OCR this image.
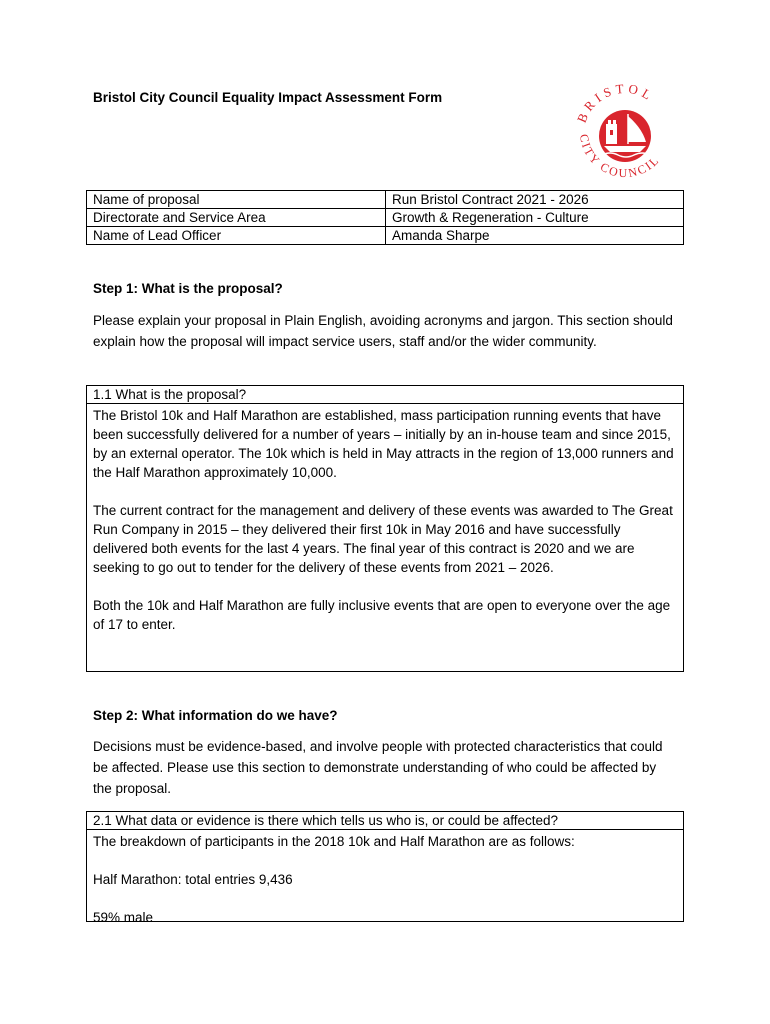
Bristol City Council Equality Impact Assessment Form
BRISTOL
CITY COUNCIL
Name of proposal	Run Bristol Contract 2021 - 2026
Directorate and Service Area	Growth & Regeneration - Culture
Name of Lead Officer	Amanda Sharpe
Step 1: What is the proposal?
Please explain your proposal in Plain English, avoiding acronyms and jargon. This section should explain how the proposal will impact service users, staff and/or the wider community.
1.1 What is the proposal?

The Bristol 10k and Half Marathon are established, mass participation running events that have been successfully delivered for a number of years – initially by an in-house team and since 2015, by an external operator. The 10k which is held in May attracts in the region of 13,000 runners and the Half Marathon approximately 10,000.

The current contract for the management and delivery of these events was awarded to The Great Run Company in 2015 – they delivered their first 10k in May 2016 and have successfully delivered both events for the last 4 years. The final year of this contract is 2020 and we are seeking to go out to tender for the delivery of these events from 2021 – 2026.

Both the 10k and Half Marathon are fully inclusive events that are open to everyone over the age of 17 to enter.

Step 2: What information do we have?
Decisions must be evidence-based, and involve people with protected characteristics that could be affected. Please use this section to demonstrate understanding of who could be affected by the proposal.
2.1 What data or evidence is there which tells us who is, or could be affected?

The breakdown of participants in the 2018 10k and Half Marathon are as follows:

Half Marathon: total entries 9,436

59% male
